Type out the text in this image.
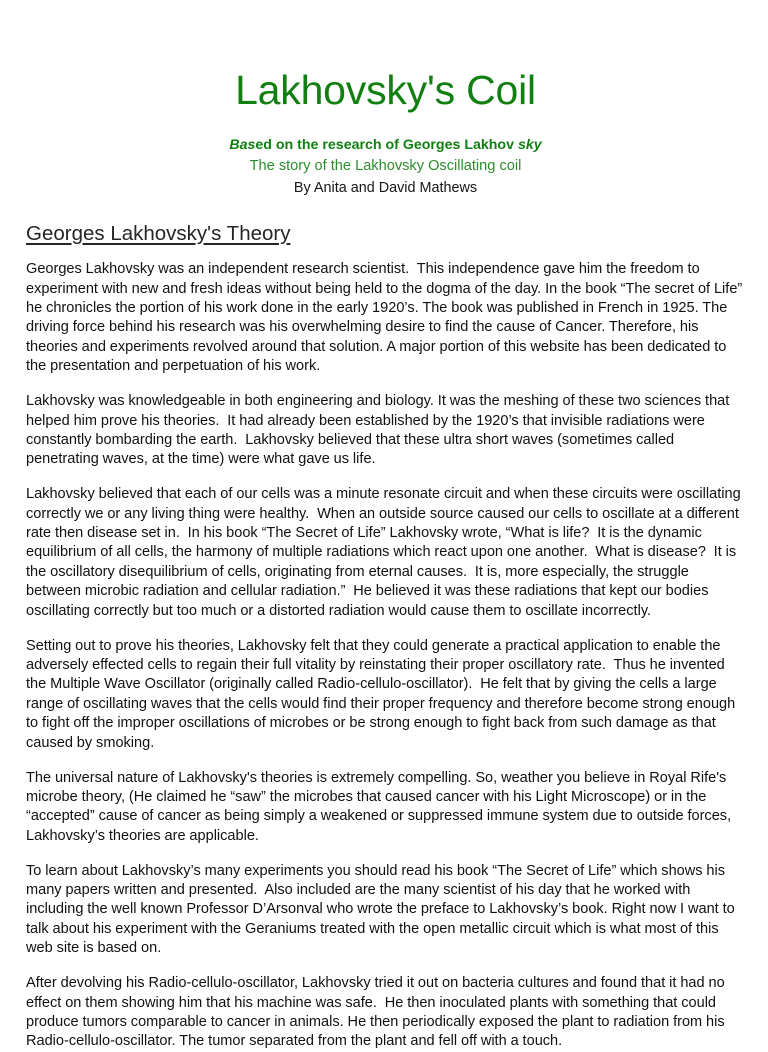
Lakhovsky's Coil
Based on the research of Georges Lakhov sky
The story of the Lakhovsky Oscillating coil
By Anita and David Mathews
Georges Lakhovsky's Theory

Georges Lakhovsky was an independent research scientist.  This independence gave him the freedom to experiment with new and fresh ideas without being held to the dogma of the day. In the book “The secret of Life” he chronicles the portion of his work done in the early 1920’s. The book was published in French in 1925. The driving force behind his research was his overwhelming desire to find the cause of Cancer. Therefore, his theories and experiments revolved around that solution. A major portion of this website has been dedicated to the presentation and perpetuation of his work.

Lakhovsky was knowledgeable in both engineering and biology. It was the meshing of these two sciences that helped him prove his theories.  It had already been established by the 1920’s that invisible radiations were constantly bombarding the earth.  Lakhovsky believed that these ultra short waves (sometimes called penetrating waves, at the time) were what gave us life.

Lakhovsky believed that each of our cells was a minute resonate circuit and when these circuits were oscillating correctly we or any living thing were healthy.  When an outside source caused our cells to oscillate at a different rate then disease set in.  In his book “The Secret of Life” Lakhovsky wrote, “What is life?  It is the dynamic equilibrium of all cells, the harmony of multiple radiations which react upon one another.  What is disease?  It is the oscillatory disequilibrium of cells, originating from eternal causes.  It is, more especially, the struggle between microbic radiation and cellular radiation.”  He believed it was these radiations that kept our bodies oscillating correctly but too much or a distorted radiation would cause them to oscillate incorrectly.

Setting out to prove his theories, Lakhovsky felt that they could generate a practical application to enable the adversely effected cells to regain their full vitality by reinstating their proper oscillatory rate.  Thus he invented the Multiple Wave Oscillator (originally called Radio-cellulo-oscillator).  He felt that by giving the cells a large range of oscillating waves that the cells would find their proper frequency and therefore become strong enough to fight off the improper oscillations of microbes or be strong enough to fight back from such damage as that caused by smoking.

The universal nature of Lakhovsky's theories is extremely compelling. So, weather you believe in Royal Rife's microbe theory, (He claimed he “saw” the microbes that caused cancer with his Light Microscope) or in the “accepted” cause of cancer as being simply a weakened or suppressed immune system due to outside forces, Lakhovsky’s theories are applicable.

To learn about Lakhovsky’s many experiments you should read his book “The Secret of Life” which shows his many papers written and presented.  Also included are the many scientist of his day that he worked with including the well known Professor D’Arsonval who wrote the preface to Lakhovsky’s book. Right now I want to talk about his experiment with the Geraniums treated with the open metallic circuit which is what most of this web site is based on.

After devolving his Radio-cellulo-oscillator, Lakhovsky tried it out on bacteria cultures and found that it had no effect on them showing him that his machine was safe.  He then inoculated plants with something that could produce tumors comparable to cancer in animals. He then periodically exposed the plant to radiation from his Radio-cellulo-oscillator. The tumor separated from the plant and fell off with a touch.
